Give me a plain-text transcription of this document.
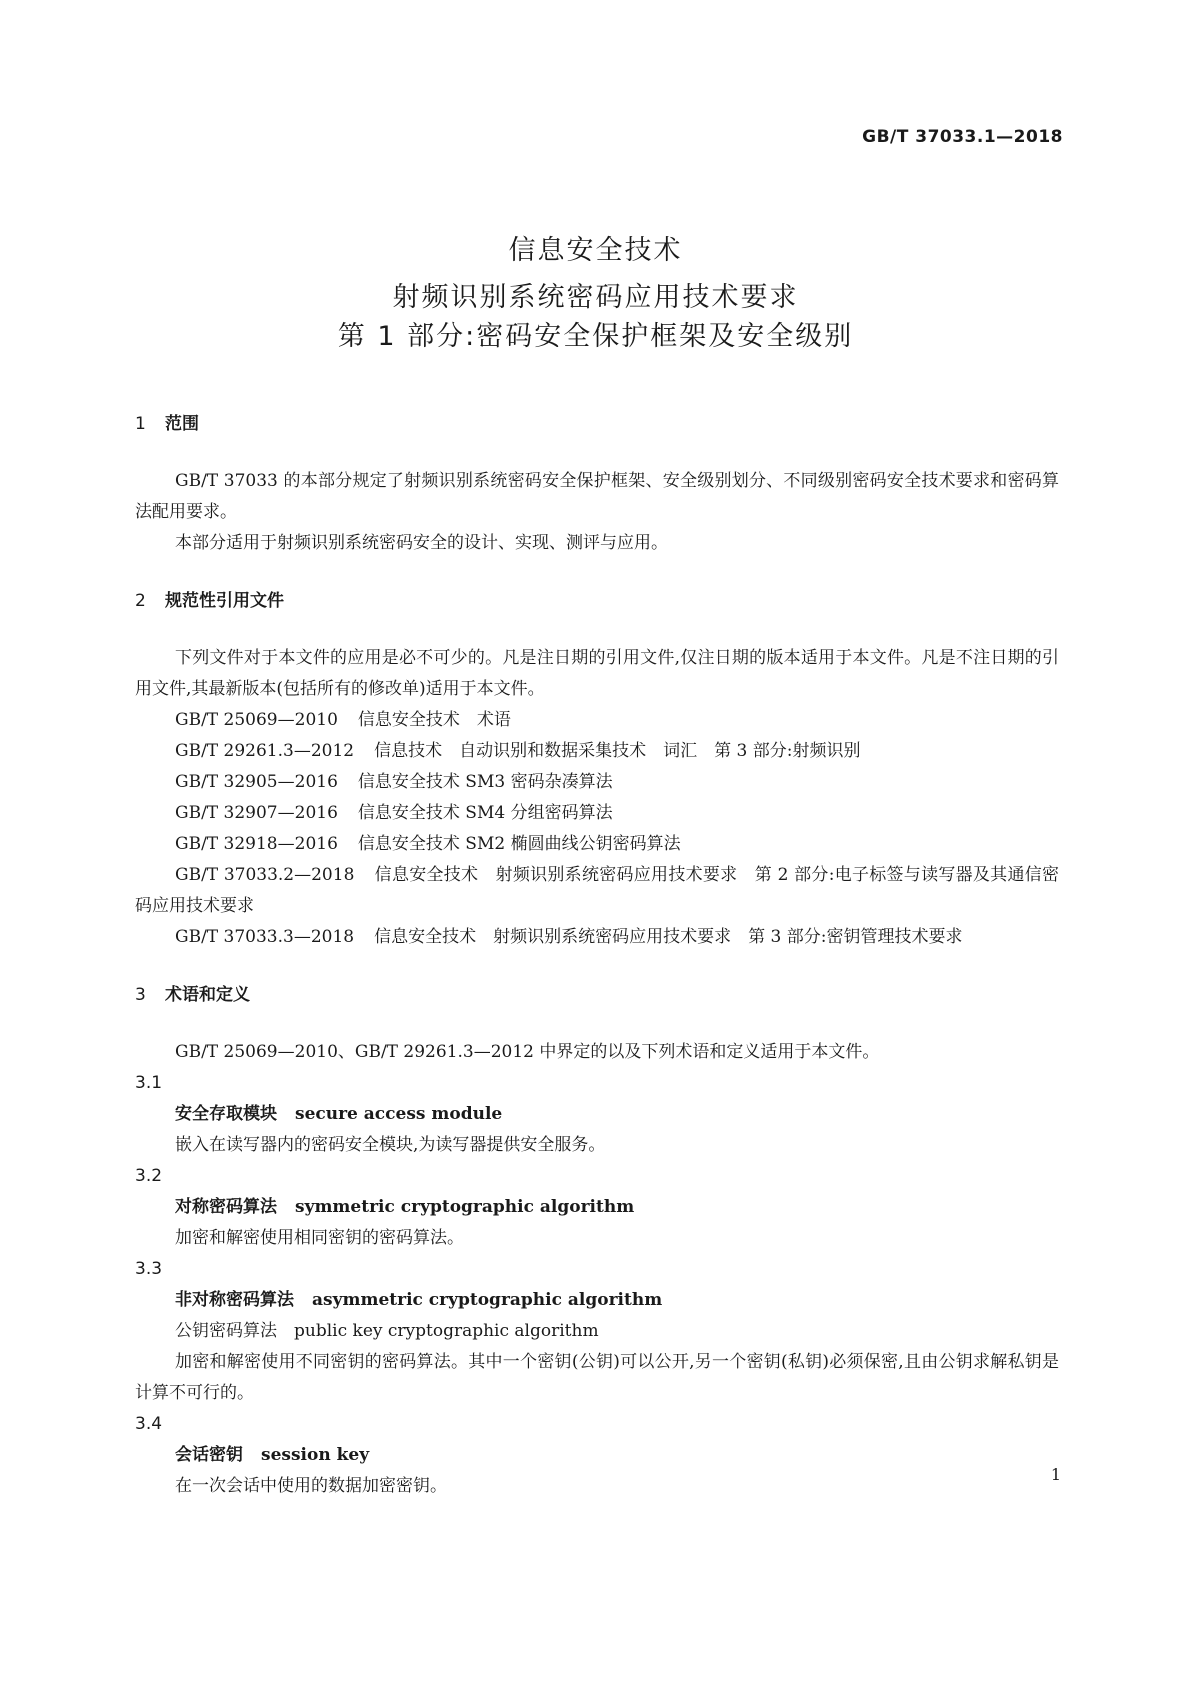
GB/T 37033.1—2018
信息安全技术
射频识别系统密码应用技术要求
第 1 部分:密码安全保护框架及安全级别
1 范围

GB/T 37033 的本部分规定了射频识别系统密码安全保护框架、安全级别划分、不同级别密码安全技术要求和密码算法配用要求。

本部分适用于射频识别系统密码安全的设计、实现、测评与应用。

2 规范性引用文件

下列文件对于本文件的应用是必不可少的。凡是注日期的引用文件,仅注日期的版本适用于本文件。凡是不注日期的引用文件,其最新版本(包括所有的修改单)适用于本文件。

GB/T 25069—2010 信息安全技术　术语

GB/T 29261.3—2012 信息技术　自动识别和数据采集技术　词汇　第 3 部分:射频识别

GB/T 32905—2016 信息安全技术 SM3 密码杂凑算法

GB/T 32907—2016 信息安全技术 SM4 分组密码算法

GB/T 32918—2016 信息安全技术 SM2 椭圆曲线公钥密码算法

GB/T 37033.2—2018 信息安全技术　射频识别系统密码应用技术要求　第 2 部分:电子标签与读写器及其通信密码应用技术要求

GB/T 37033.3—2018 信息安全技术　射频识别系统密码应用技术要求　第 3 部分:密钥管理技术要求

3 术语和定义

GB/T 25069—2010、GB/T 29261.3—2012 中界定的以及下列术语和定义适用于本文件。

3.1

安全存取模块 secure access module

嵌入在读写器内的密码安全模块,为读写器提供安全服务。

3.2

对称密码算法 symmetric cryptographic algorithm

加密和解密使用相同密钥的密码算法。

3.3

非对称密码算法 asymmetric cryptographic algorithm

公钥密码算法　public key cryptographic algorithm

加密和解密使用不同密钥的密码算法。其中一个密钥(公钥)可以公开,另一个密钥(私钥)必须保密,且由公钥求解私钥是计算不可行的。

3.4

会话密钥 session key

在一次会话中使用的数据加密密钥。

1
